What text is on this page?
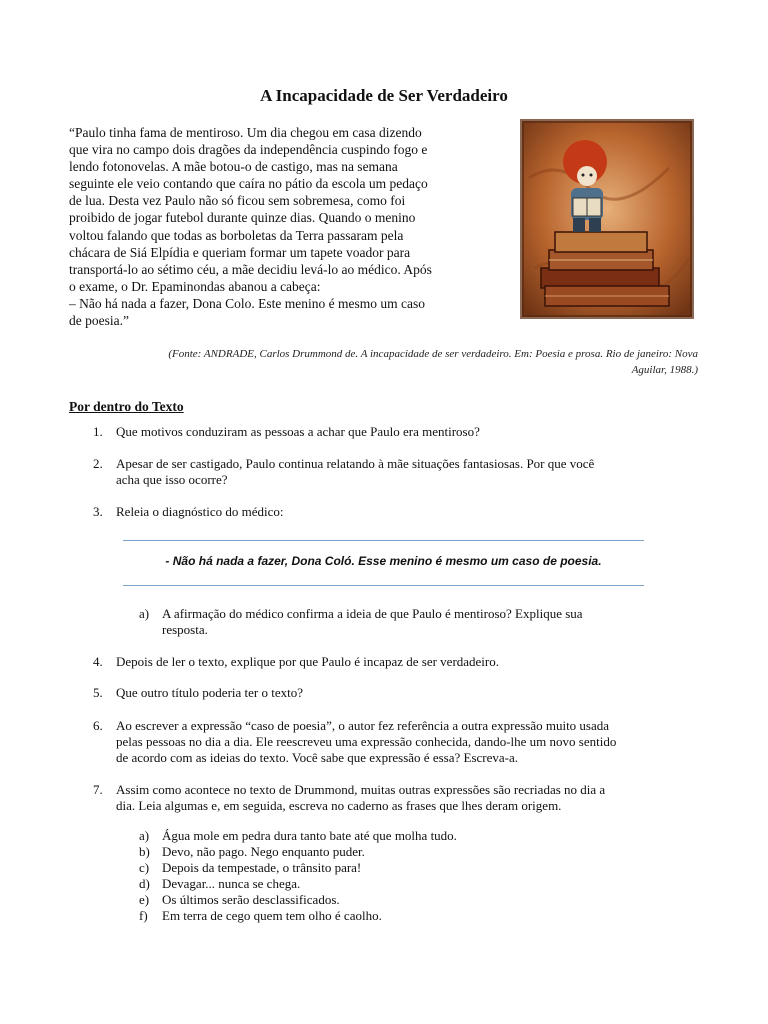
A Incapacidade de Ser Verdadeiro

“Paulo tinha fama de mentiroso. Um dia chegou em casa dizendo
que vira no campo dois dragões da independência cuspindo fogo e
lendo fotonovelas. A mãe botou-o de castigo, mas na semana
seguinte ele veio contando que caíra no pátio da escola um pedaço
de lua. Desta vez Paulo não só ficou sem sobremesa, como foi
proibido de jogar futebol durante quinze dias. Quando o menino
voltou falando que todas as borboletas da Terra passaram pela
chácara de Siá Elpídia e queriam formar um tapete voador para
transportá-lo ao sétimo céu, a mãe decidiu levá-lo ao médico. Após
o exame, o Dr. Epaminondas abanou a cabeça:
– Não há nada a fazer, Dona Colo. Este menino é mesmo um caso
de poesia.”

(Fonte: ANDRADE, Carlos Drummond de. A incapacidade de ser verdadeiro. Em: Poesia e prosa. Rio de janeiro: Nova
Aguilar, 1988.)
Por dentro do Texto
1. Que motivos conduziram as pessoas a achar que Paulo era mentiroso?
2. Apesar de ser castigado, Paulo continua relatando à mãe situações fantasiosas. Por que você
acha que isso ocorre?
3. Releia o diagnóstico do médico:
- Não há nada a fazer, Dona Coló. Esse menino é mesmo um caso de poesia.
a) A afirmação do médico confirma a ideia de que Paulo é mentiroso? Explique sua
resposta.
4. Depois de ler o texto, explique por que Paulo é incapaz de ser verdadeiro.
5. Que outro título poderia ter o texto?
6. Ao escrever a expressão “caso de poesia”, o autor fez referência a outra expressão muito usada
pelas pessoas no dia a dia. Ele reescreveu uma expressão conhecida, dando-lhe um novo sentido
de acordo com as ideias do texto. Você sabe que expressão é essa? Escreva-a.
7. Assim como acontece no texto de Drummond, muitas outras expressões são recriadas no dia a
dia. Leia algumas e, em seguida, escreva no caderno as frases que lhes deram origem.
a) Água mole em pedra dura tanto bate até que molha tudo.
b) Devo, não pago. Nego enquanto puder.
c) Depois da tempestade, o trânsito para!
d) Devagar... nunca se chega.
e) Os últimos serão desclassificados.
f) Em terra de cego quem tem olho é caolho.
